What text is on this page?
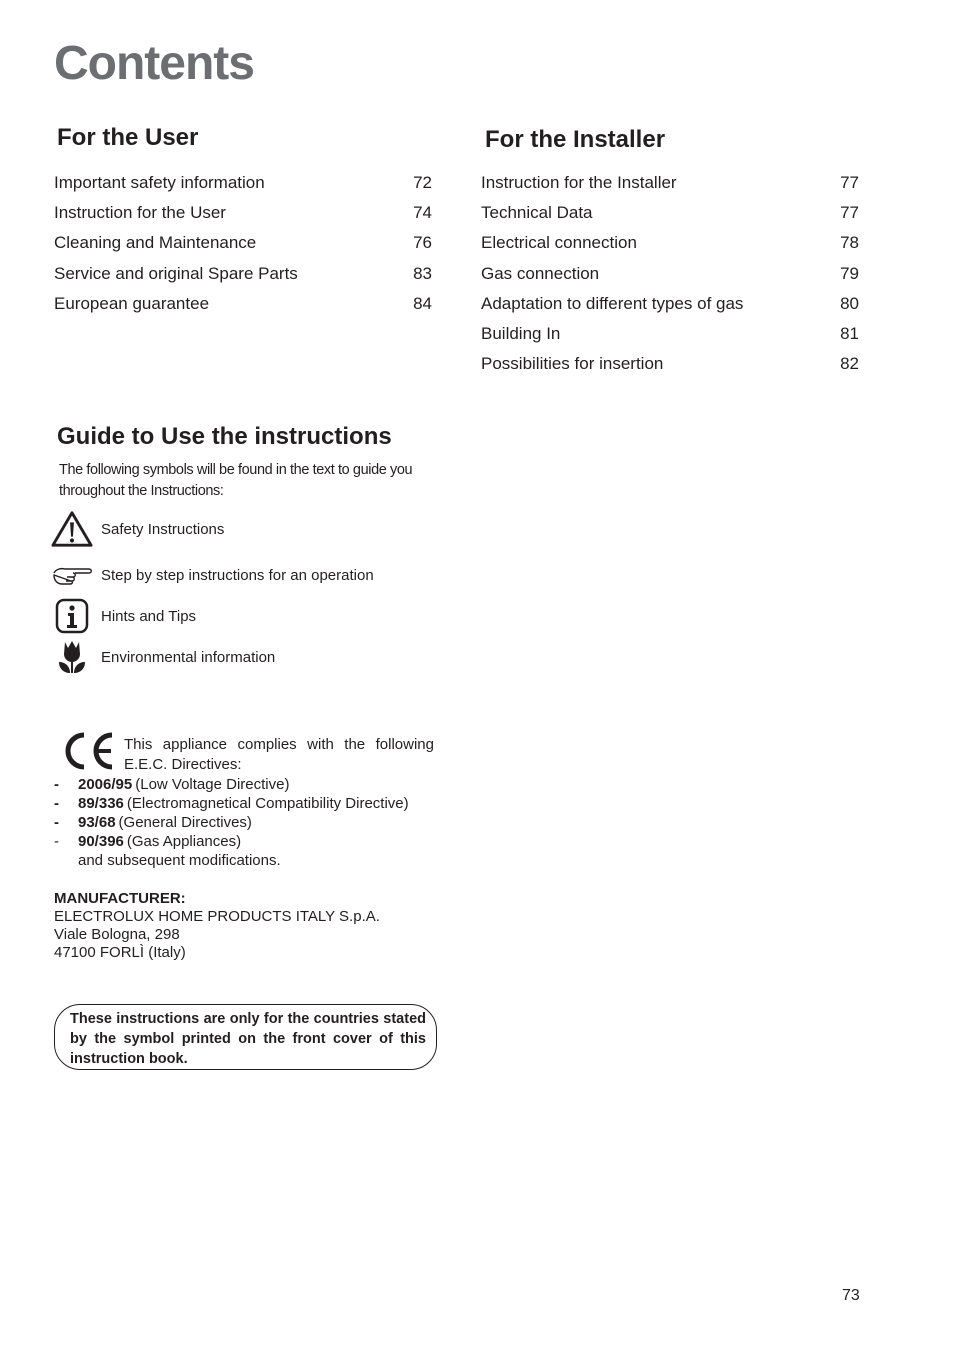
Contents
For the User
Important safety information	72
Instruction for the User	74
Cleaning and Maintenance	76
Service and original Spare Parts	83
European guarantee	84
For the Installer
Instruction for the Installer	77
Technical Data	77
Electrical connection	78
Gas connection	79
Adaptation to different types of gas	80
Building In	81
Possibilities for insertion	82
Guide to Use the instructions
The following symbols will be found in the text to guide you throughout the Instructions:
Safety Instructions
Step by step instructions for an operation
Hints and Tips
Environmental information
This appliance complies with the following E.E.C. Directives:
-	2006/95 (Low Voltage Directive)
-	89/336 (Electromagnetical Compatibility Directive)
-	93/68 (General Directives)
-	90/396 (Gas Appliances)
and subsequent modifications.
MANUFACTURER:
ELECTROLUX HOME PRODUCTS ITALY S.p.A.
Viale Bologna, 298
47100 FORLÌ (Italy)
These instructions are only for the countries stated by the symbol printed on the front cover of this instruction book.
73
